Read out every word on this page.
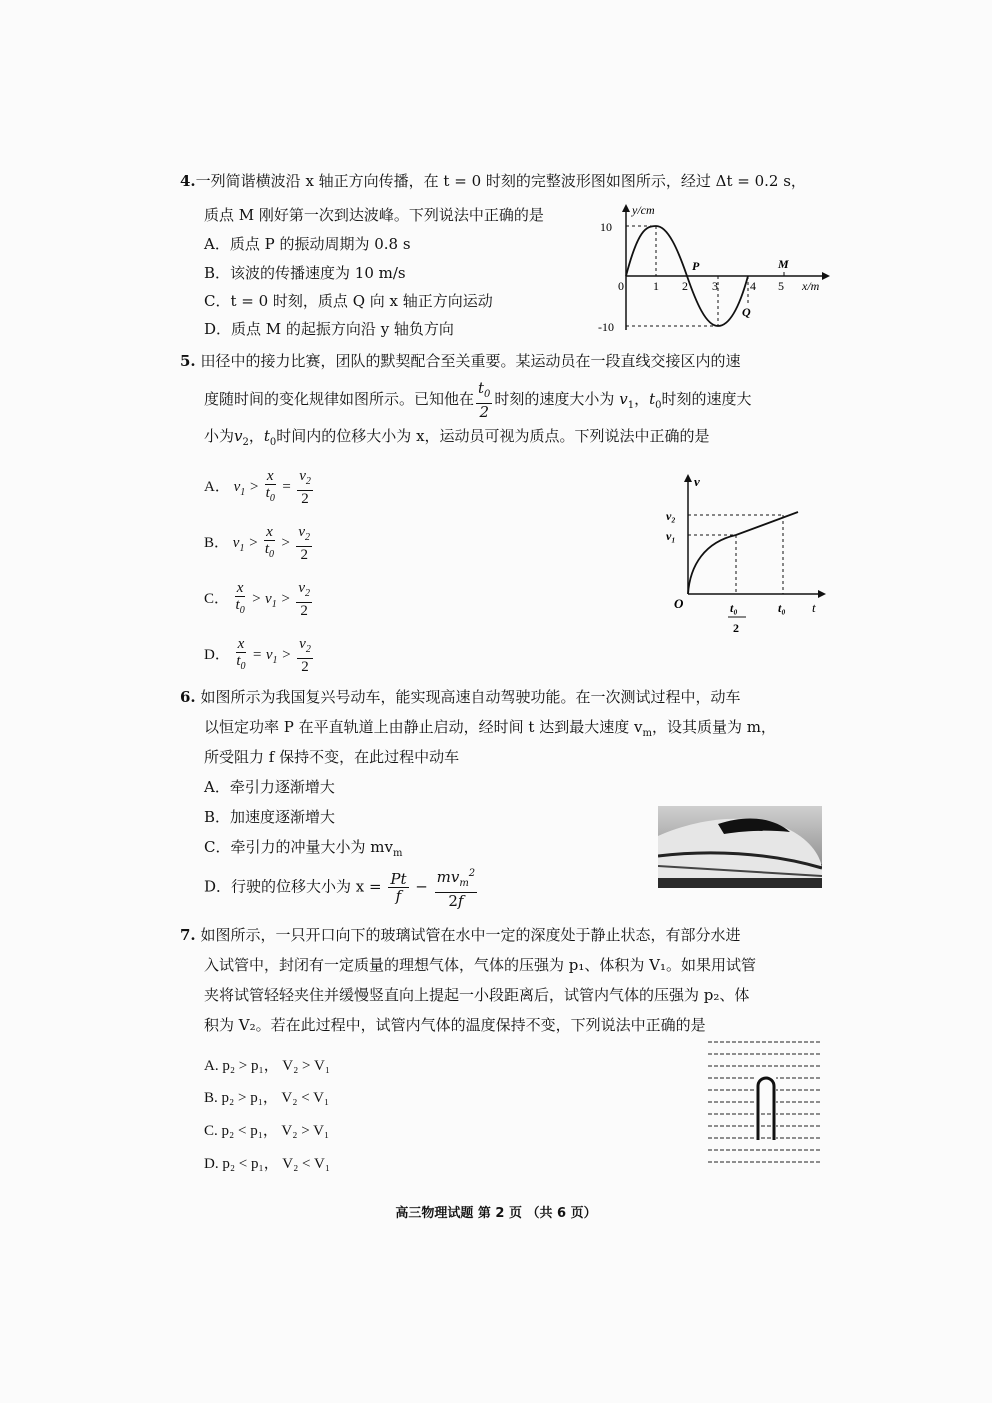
4.一列简谐横波沿 x 轴正方向传播，在 t = 0 时刻的完整波形图如图所示，经过 Δt = 0.2 s，
质点 M 刚好第一次到达波峰。下列说法中正确的是
A．质点 P 的振动周期为 0.8 s
B．该波的传播速度为 10 m/s
C．t = 0 时刻，质点 Q 向 x 轴正方向运动
D．质点 M 的起振方向沿 y 轴负方向
y/cm
x/m
10
0
-10
1 2 3	4 5
P	M
Q
5. 田径中的接力比赛，团队的默契配合至关重要。某运动员在一段直线交接区内的速
度随时间的变化规律如图所示。已知他在 $\frac{t_0}{2}$ 时刻的速度大小为 $v_1$，$t_0$时刻的速度大
小为$v_2$，$t_0$时间内的位移大小为 x，运动员可视为质点。下列说法中正确的是
A． $v_1 > \frac{x}{t_0} = \frac{v_2}{2}$
B． $v_1 > \frac{x}{t_0} > \frac{v_2}{2}$
C． $\frac{x}{t_0} > v_1 > \frac{v_2}{2}$
D． $\frac{x}{t_0} = v_1 > \frac{v_2}{2}$
v
t
O
v₂
v₁
t₀
2
t₀
6. 如图所示为我国复兴号动车，能实现高速自动驾驶功能。在一次测试过程中，动车
以恒定功率 P 在平直轨道上由静止启动，经时间 t 达到最大速度 $v_m$，设其质量为 m，
所受阻力 f 保持不变，在此过程中动车
A．牵引力逐渐增大
B．加速度逐渐增大
C．牵引力的冲量大小为 $mv_m$
D．行驶的位移大小为 $x = \frac{Pt}{f} - \frac{mv_m^2}{2f}$
7. 如图所示，一只开口向下的玻璃试管在水中一定的深度处于静止状态，有部分水进
入试管中，封闭有一定质量的理想气体，气体的压强为 p₁、体积为 V₁。如果用试管
夹将试管轻轻夹住并缓慢竖直向上提起一小段距离后，试管内气体的压强为 p₂、体
积为 V₂。若在此过程中，试管内气体的温度保持不变，下列说法中正确的是
A. p₂ > p₁， V₂ > V₁
B. p₂ > p₁， V₂ < V₁
C. p₂ < p₁， V₂ > V₁
D. p₂ < p₁， V₂ < V₁
高三物理试题 第 2 页 （共 6 页）
